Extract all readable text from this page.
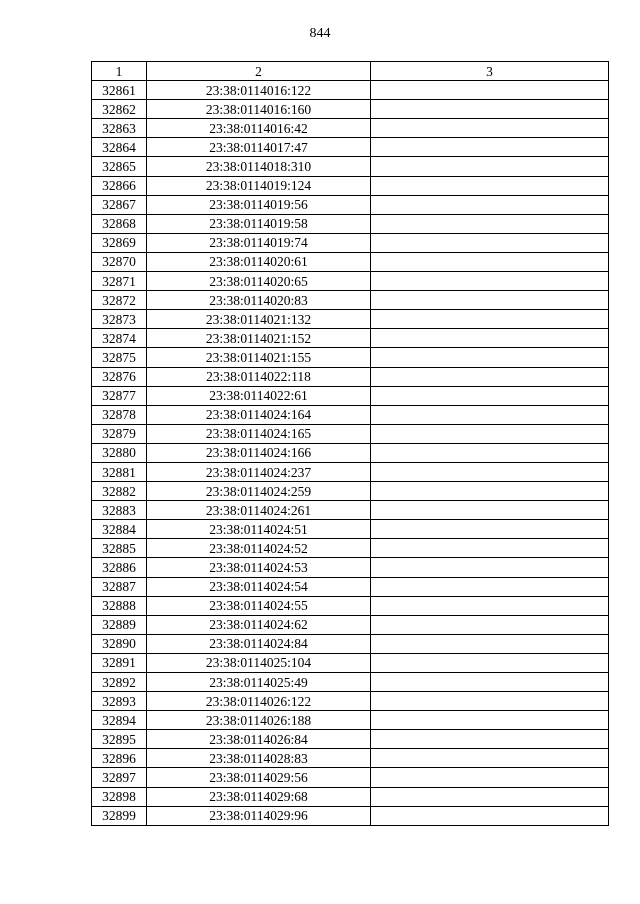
844
1	2	3
32861	23:38:0114016:122	
32862	23:38:0114016:160	
32863	23:38:0114016:42	
32864	23:38:0114017:47	
32865	23:38:0114018:310	
32866	23:38:0114019:124	
32867	23:38:0114019:56	
32868	23:38:0114019:58	
32869	23:38:0114019:74	
32870	23:38:0114020:61	
32871	23:38:0114020:65	
32872	23:38:0114020:83	
32873	23:38:0114021:132	
32874	23:38:0114021:152	
32875	23:38:0114021:155	
32876	23:38:0114022:118	
32877	23:38:0114022:61	
32878	23:38:0114024:164	
32879	23:38:0114024:165	
32880	23:38:0114024:166	
32881	23:38:0114024:237	
32882	23:38:0114024:259	
32883	23:38:0114024:261	
32884	23:38:0114024:51	
32885	23:38:0114024:52	
32886	23:38:0114024:53	
32887	23:38:0114024:54	
32888	23:38:0114024:55	
32889	23:38:0114024:62	
32890	23:38:0114024:84	
32891	23:38:0114025:104	
32892	23:38:0114025:49	
32893	23:38:0114026:122	
32894	23:38:0114026:188	
32895	23:38:0114026:84	
32896	23:38:0114028:83	
32897	23:38:0114029:56	
32898	23:38:0114029:68	
32899	23:38:0114029:96	
